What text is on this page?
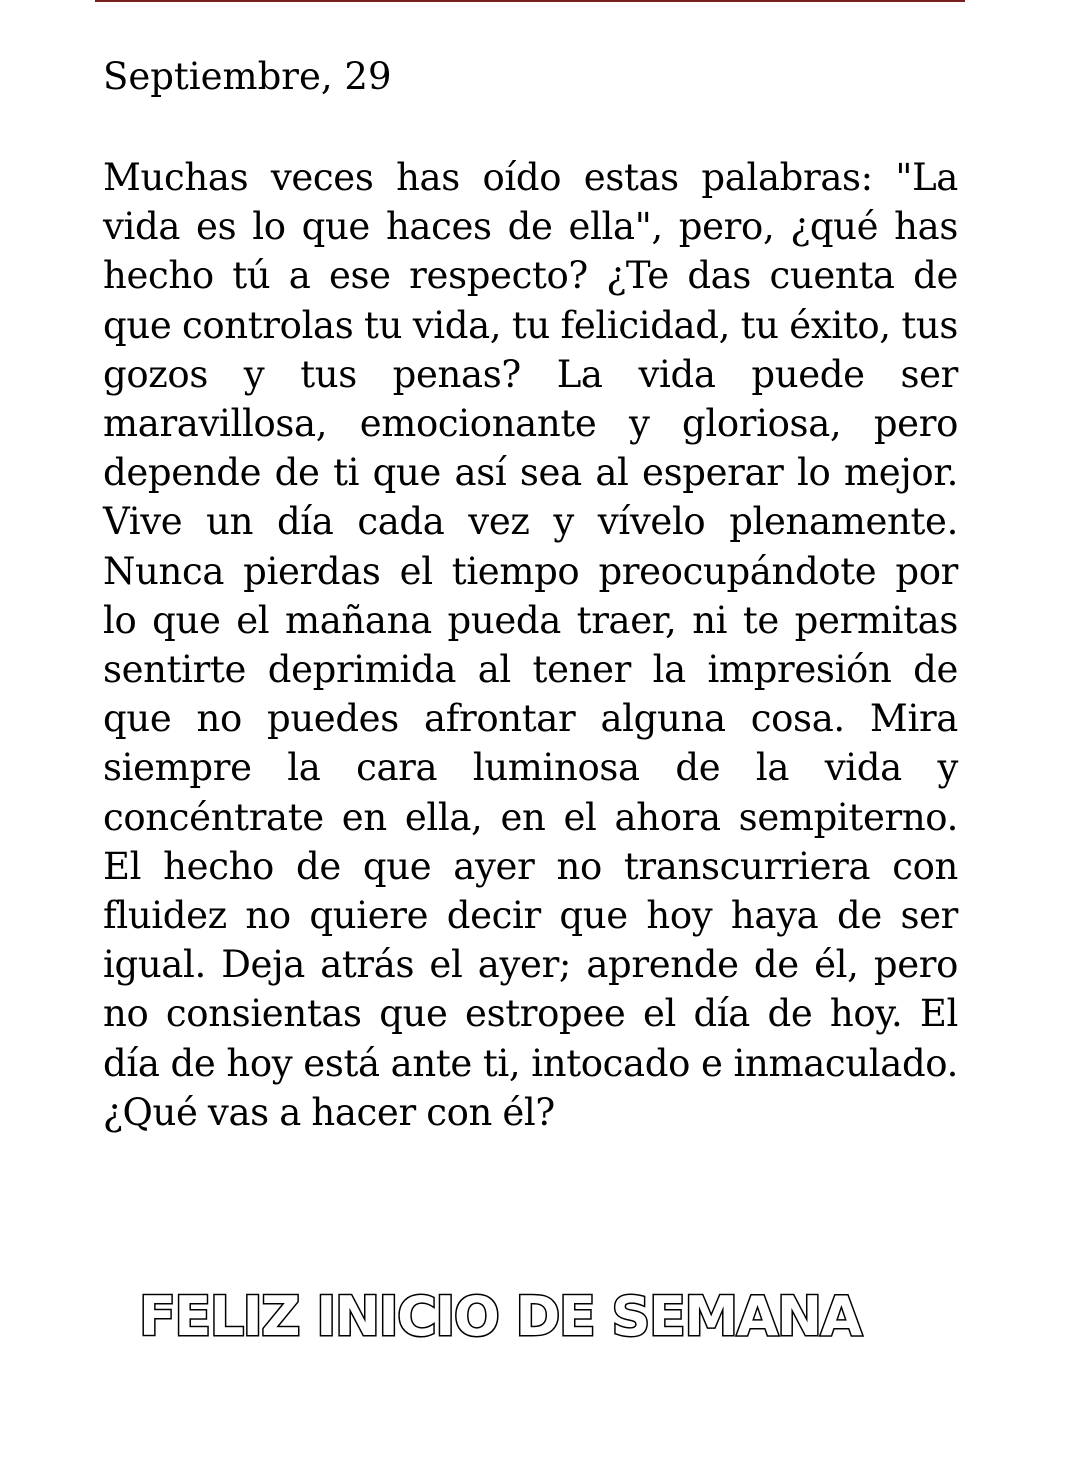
Septiembre, 29

Muchas veces has oído estas palabras: "La vida es lo que haces de ella", pero, ¿qué has hecho tú a ese respecto? ¿Te das cuenta de que controlas tu vida, tu felicidad, tu éxito, tus gozos y tus penas? La vida puede ser maravillosa, emocionante y gloriosa, pero depende de ti que así sea al esperar lo mejor. Vive un día cada vez y vívelo plenamente. Nunca pierdas el tiempo preocupándote por lo que el mañana pueda traer, ni te permitas sentirte deprimida al tener la impresión de que no puedes afrontar alguna cosa. Mira siempre la cara luminosa de la vida y concéntrate en ella, en el ahora sempiterno. El hecho de que ayer no transcurriera con fluidez no quiere decir que hoy haya de ser igual. Deja atrás el ayer; aprende de él, pero no consientas que estropee el día de hoy. El día de hoy está ante ti, intocado e inmaculado. ¿Qué vas a hacer con él?

FELIZ INICIO DE SEMANA
